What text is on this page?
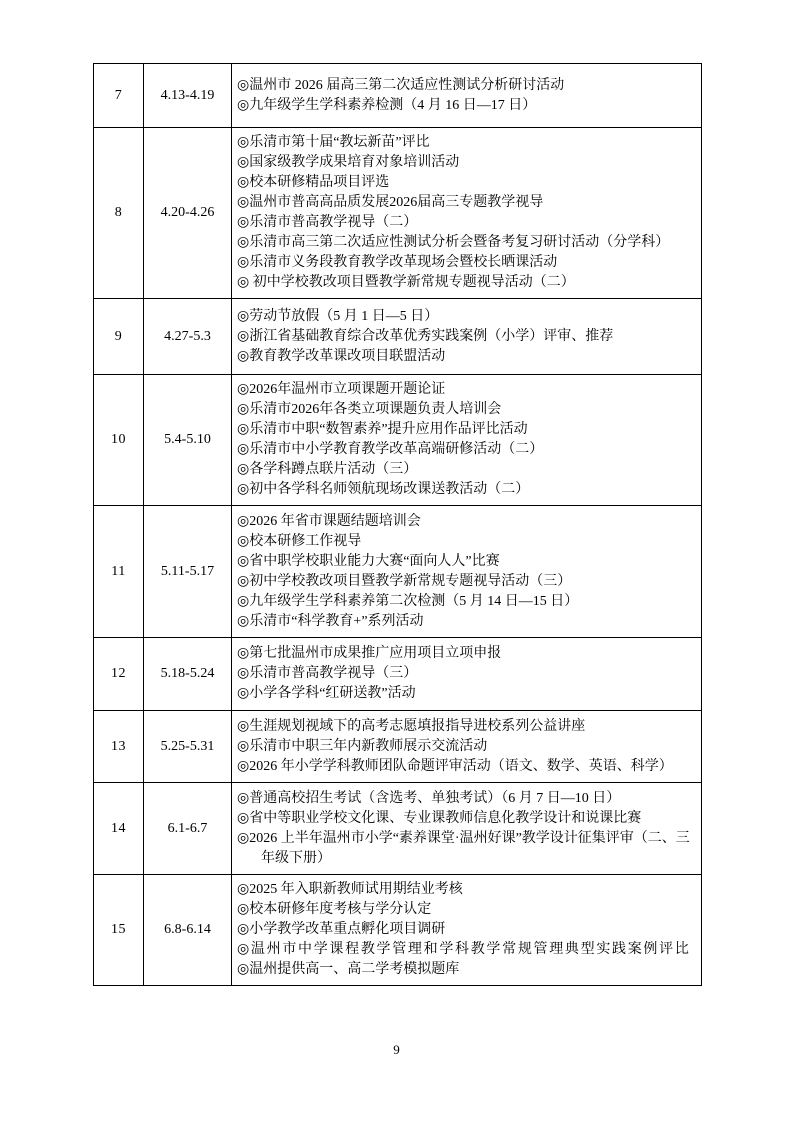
7	4.13-4.19	
◎温州市 2026 届高三第二次适应性测试分析研讨活动
◎九年级学生学科素养检测（4 月 16 日—17 日）

8	4.20-4.26	
◎乐清市第十届“教坛新苗”评比
◎国家级教学成果培育对象培训活动
◎校本研修精品项目评选
◎温州市普高高品质发展2026届高三专题教学视导
◎乐清市普高教学视导（二）
◎乐清市高三第二次适应性测试分析会暨备考复习研讨活动（分学科）
◎乐清市义务段教育教学改革现场会暨校长晒课活动
◎ 初中学校教改项目暨教学新常规专题视导活动（二）

9	4.27-5.3	
◎劳动节放假（5 月 1 日—5 日）
◎浙江省基础教育综合改革优秀实践案例（小学）评审、推荐
◎教育教学改革课改项目联盟活动

10	5.4-5.10	
◎2026年温州市立项课题开题论证
◎乐清市2026年各类立项课题负责人培训会
◎乐清市中职“数智素养”提升应用作品评比活动
◎乐清市中小学教育教学改革高端研修活动（二）
◎各学科蹲点联片活动（三）
◎初中各学科名师领航现场改课送教活动（二）

11	5.11-5.17	
◎2026 年省市课题结题培训会
◎校本研修工作视导
◎省中职学校职业能力大赛“面向人人”比赛
◎初中学校教改项目暨教学新常规专题视导活动（三）
◎九年级学生学科素养第二次检测（5 月 14 日—15 日）
◎乐清市“科学教育+”系列活动

12	5.18-5.24	
◎第七批温州市成果推广应用项目立项申报
◎乐清市普高教学视导（三）
◎小学各学科“红研送教”活动

13	5.25-5.31	
◎生涯规划视域下的高考志愿填报指导进校系列公益讲座
◎乐清市中职三年内新教师展示交流活动
◎2026 年小学学科教师团队命题评审活动（语文、数学、英语、科学）

14	6.1-6.7	
◎普通高校招生考试（含选考、单独考试）（6 月 7 日—10 日）
◎省中等职业学校文化课、专业课教师信息化教学设计和说课比赛
◎2026 上半年温州市小学“素养课堂·温州好课”教学设计征集评审（二、三年级下册）

15	6.8-6.14	
◎2025 年入职新教师试用期结业考核
◎校本研修年度考核与学分认定
◎小学教学改革重点孵化项目调研
◎温州市中学课程教学管理和学科教学常规管理典型实践案例评比
◎温州提供高一、高二学考模拟题库
9
